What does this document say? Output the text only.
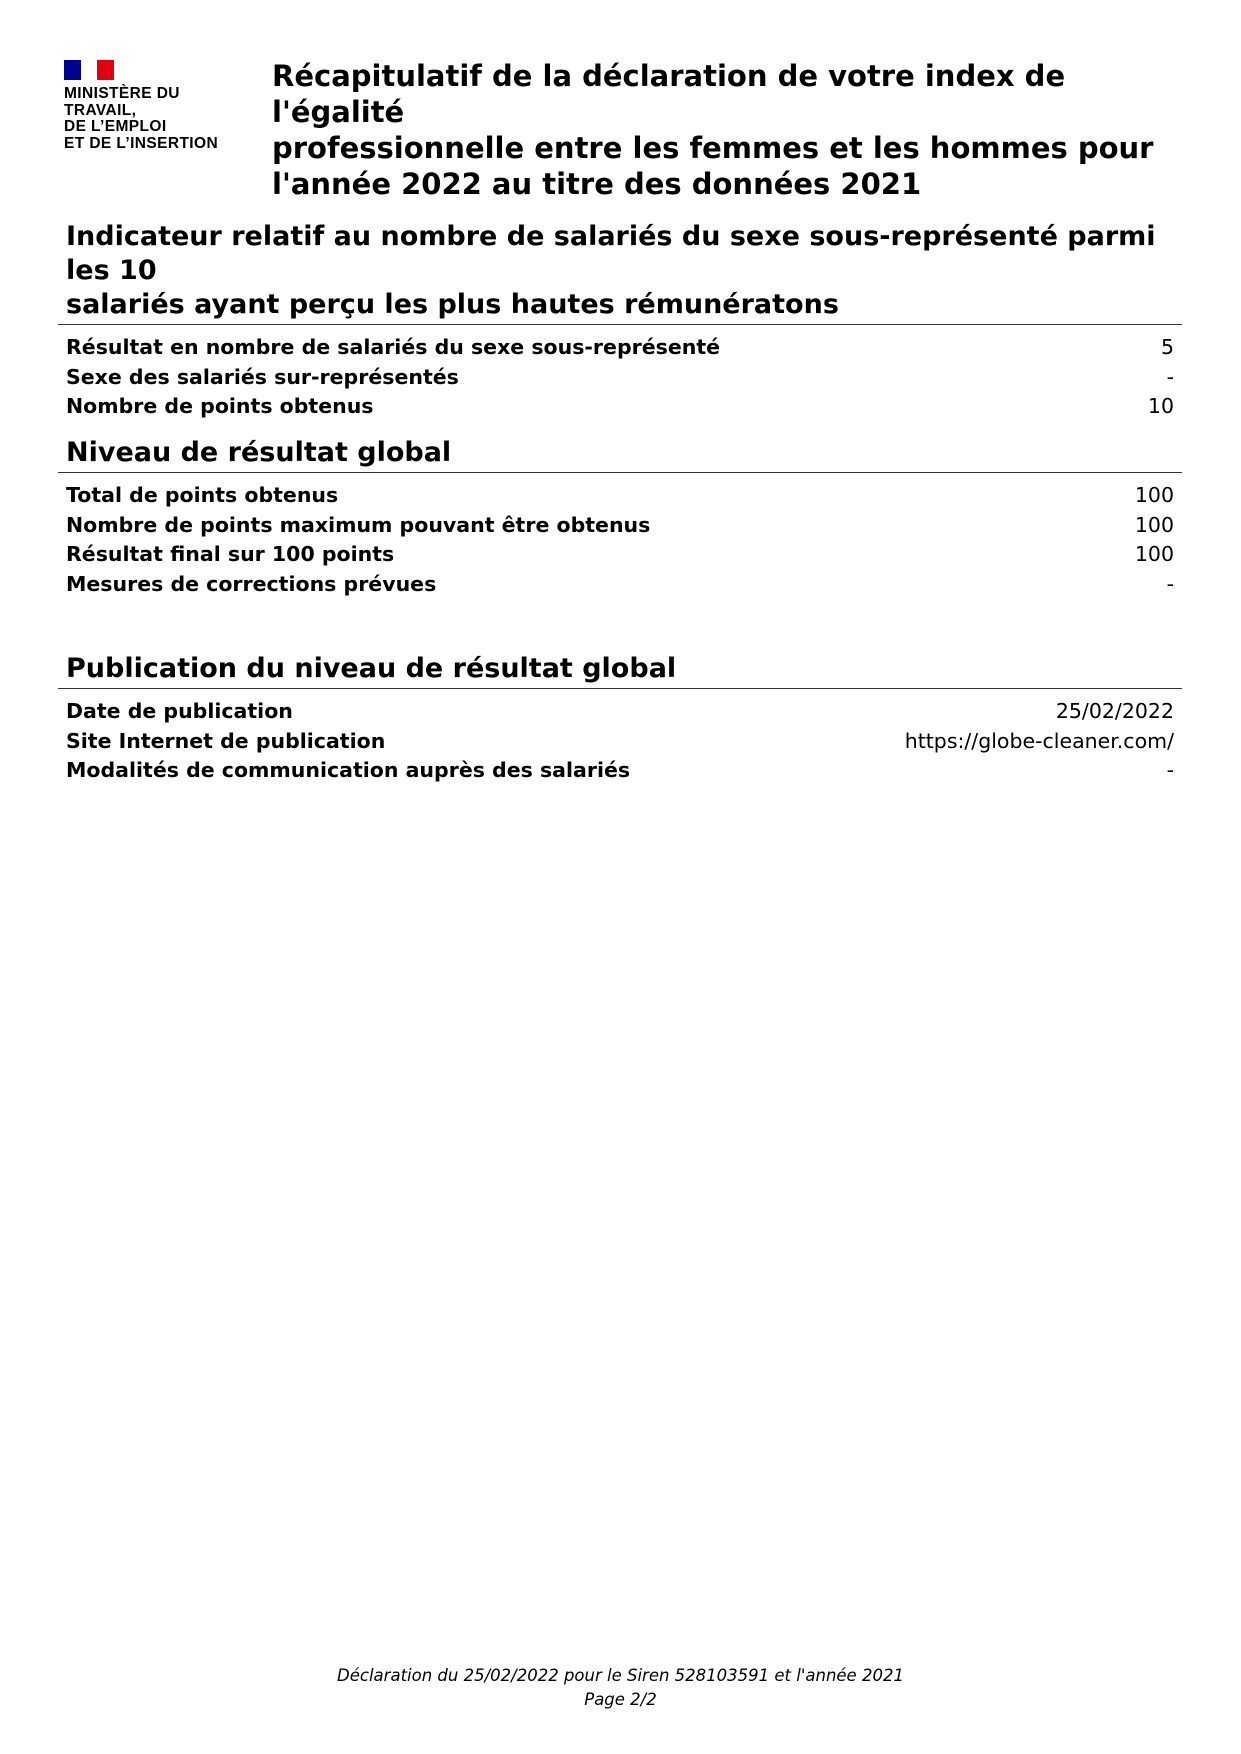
MINISTÈRE DU
TRAVAIL,
DE L’EMPLOI
ET DE L’INSERTION

Récapitulatif de la déclaration de votre index de l'égalité
professionnelle entre les femmes et les hommes pour
l'année 2022 au titre des données 2021
Indicateur relatif au nombre de salariés du sexe sous-représenté parmi les 10
salariés ayant perçu les plus hautes rémunératons
Résultat en nombre de salariés du sexe sous-représenté	5
Sexe des salariés sur-représentés	-
Nombre de points obtenus	10
Niveau de résultat global
Total de points obtenus	100
Nombre de points maximum pouvant être obtenus	100
Résultat final sur 100 points	100
Mesures de corrections prévues	-
Publication du niveau de résultat global
Date de publication	25/02/2022
Site Internet de publication	https://globe-cleaner.com/
Modalités de communication auprès des salariés	-
Déclaration du 25/02/2022 pour le Siren 528103591 et l'année 2021
Page 2/2
